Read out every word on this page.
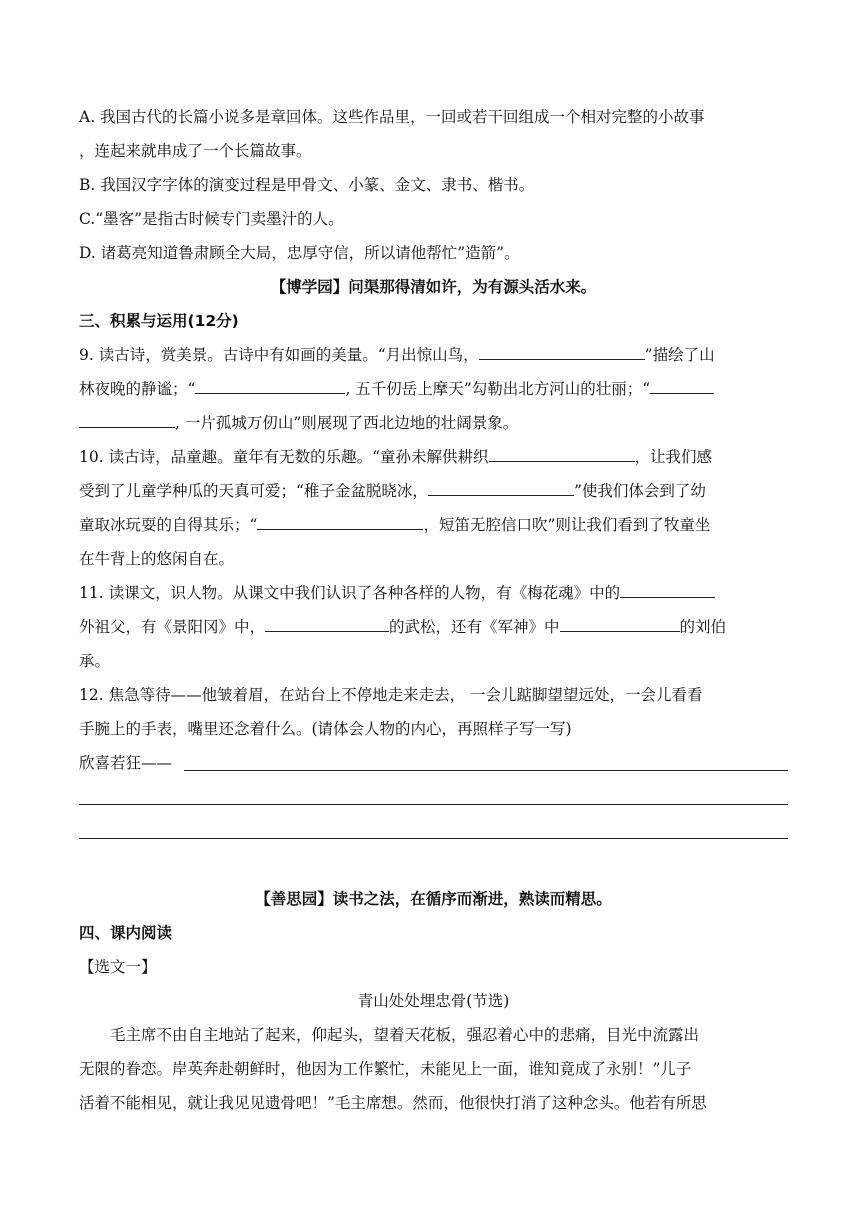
A. 我国古代的长篇小说多是章回体。这些作品里，一回或若干回组成一个相对完整的小故事
，连起来就串成了一个长篇故事。
B. 我国汉字字体的演变过程是甲骨文、小篆、金文、隶书、楷书。
C.“墨客”是指古时候专门卖墨汁的人。
D. 诸葛亮知道鲁肃顾全大局，忠厚守信，所以请他帮忙”造箭”。
【博学园】问渠那得清如许，为有源头活水来。
三、积累与运用(12分)
9. 读古诗，赏美景。古诗中有如画的美量。“月出惊山鸟，	”描绘了山
林夜晚的静谧；“	, 五千仞岳上摩天”勾勒出北方河山的壮丽；“
, 一片孤城万仞山”则展现了西北边地的壮阔景象。
10. 读古诗，品童趣。童年有无数的乐趣。“童孙未解供耕织	，让我们感
受到了儿童学种瓜的天真可爱；“稚子金盆脱晓冰，	”使我们体会到了幼
童取冰玩耍的自得其乐；“	，短笛无腔信口吹”则让我们看到了牧童坐
在牛背上的悠闲自在。
11. 读课文，识人物。从课文中我们认识了各种各样的人物，有《梅花魂》中的
外祖父，有《景阳冈》中，	的武松，还有《军神》中	的刘伯
承。
12. 焦急等待——他皱着眉，在站台上不停地走来走去， 一会儿踮脚望望远处，一会儿看看
手腕上的手表，嘴里还念着什么。(请体会人物的内心，再照样子写一写)
欣喜若狂——
【善思园】读书之法，在循序而渐进，熟读而精思。
四、课内阅读
【选文一】
青山处处埋忠骨(节选)
毛主席不由自主地站了起来，仰起头，望着天花板，强忍着心中的悲痛，目光中流露出
无限的眷恋。岸英奔赴朝鲜时，他因为工作繁忙，未能见上一面，谁知竟成了永别！”儿子
活着不能相见，就让我见见遗骨吧！”毛主席想。然而，他很快打消了这种念头。他若有所思
